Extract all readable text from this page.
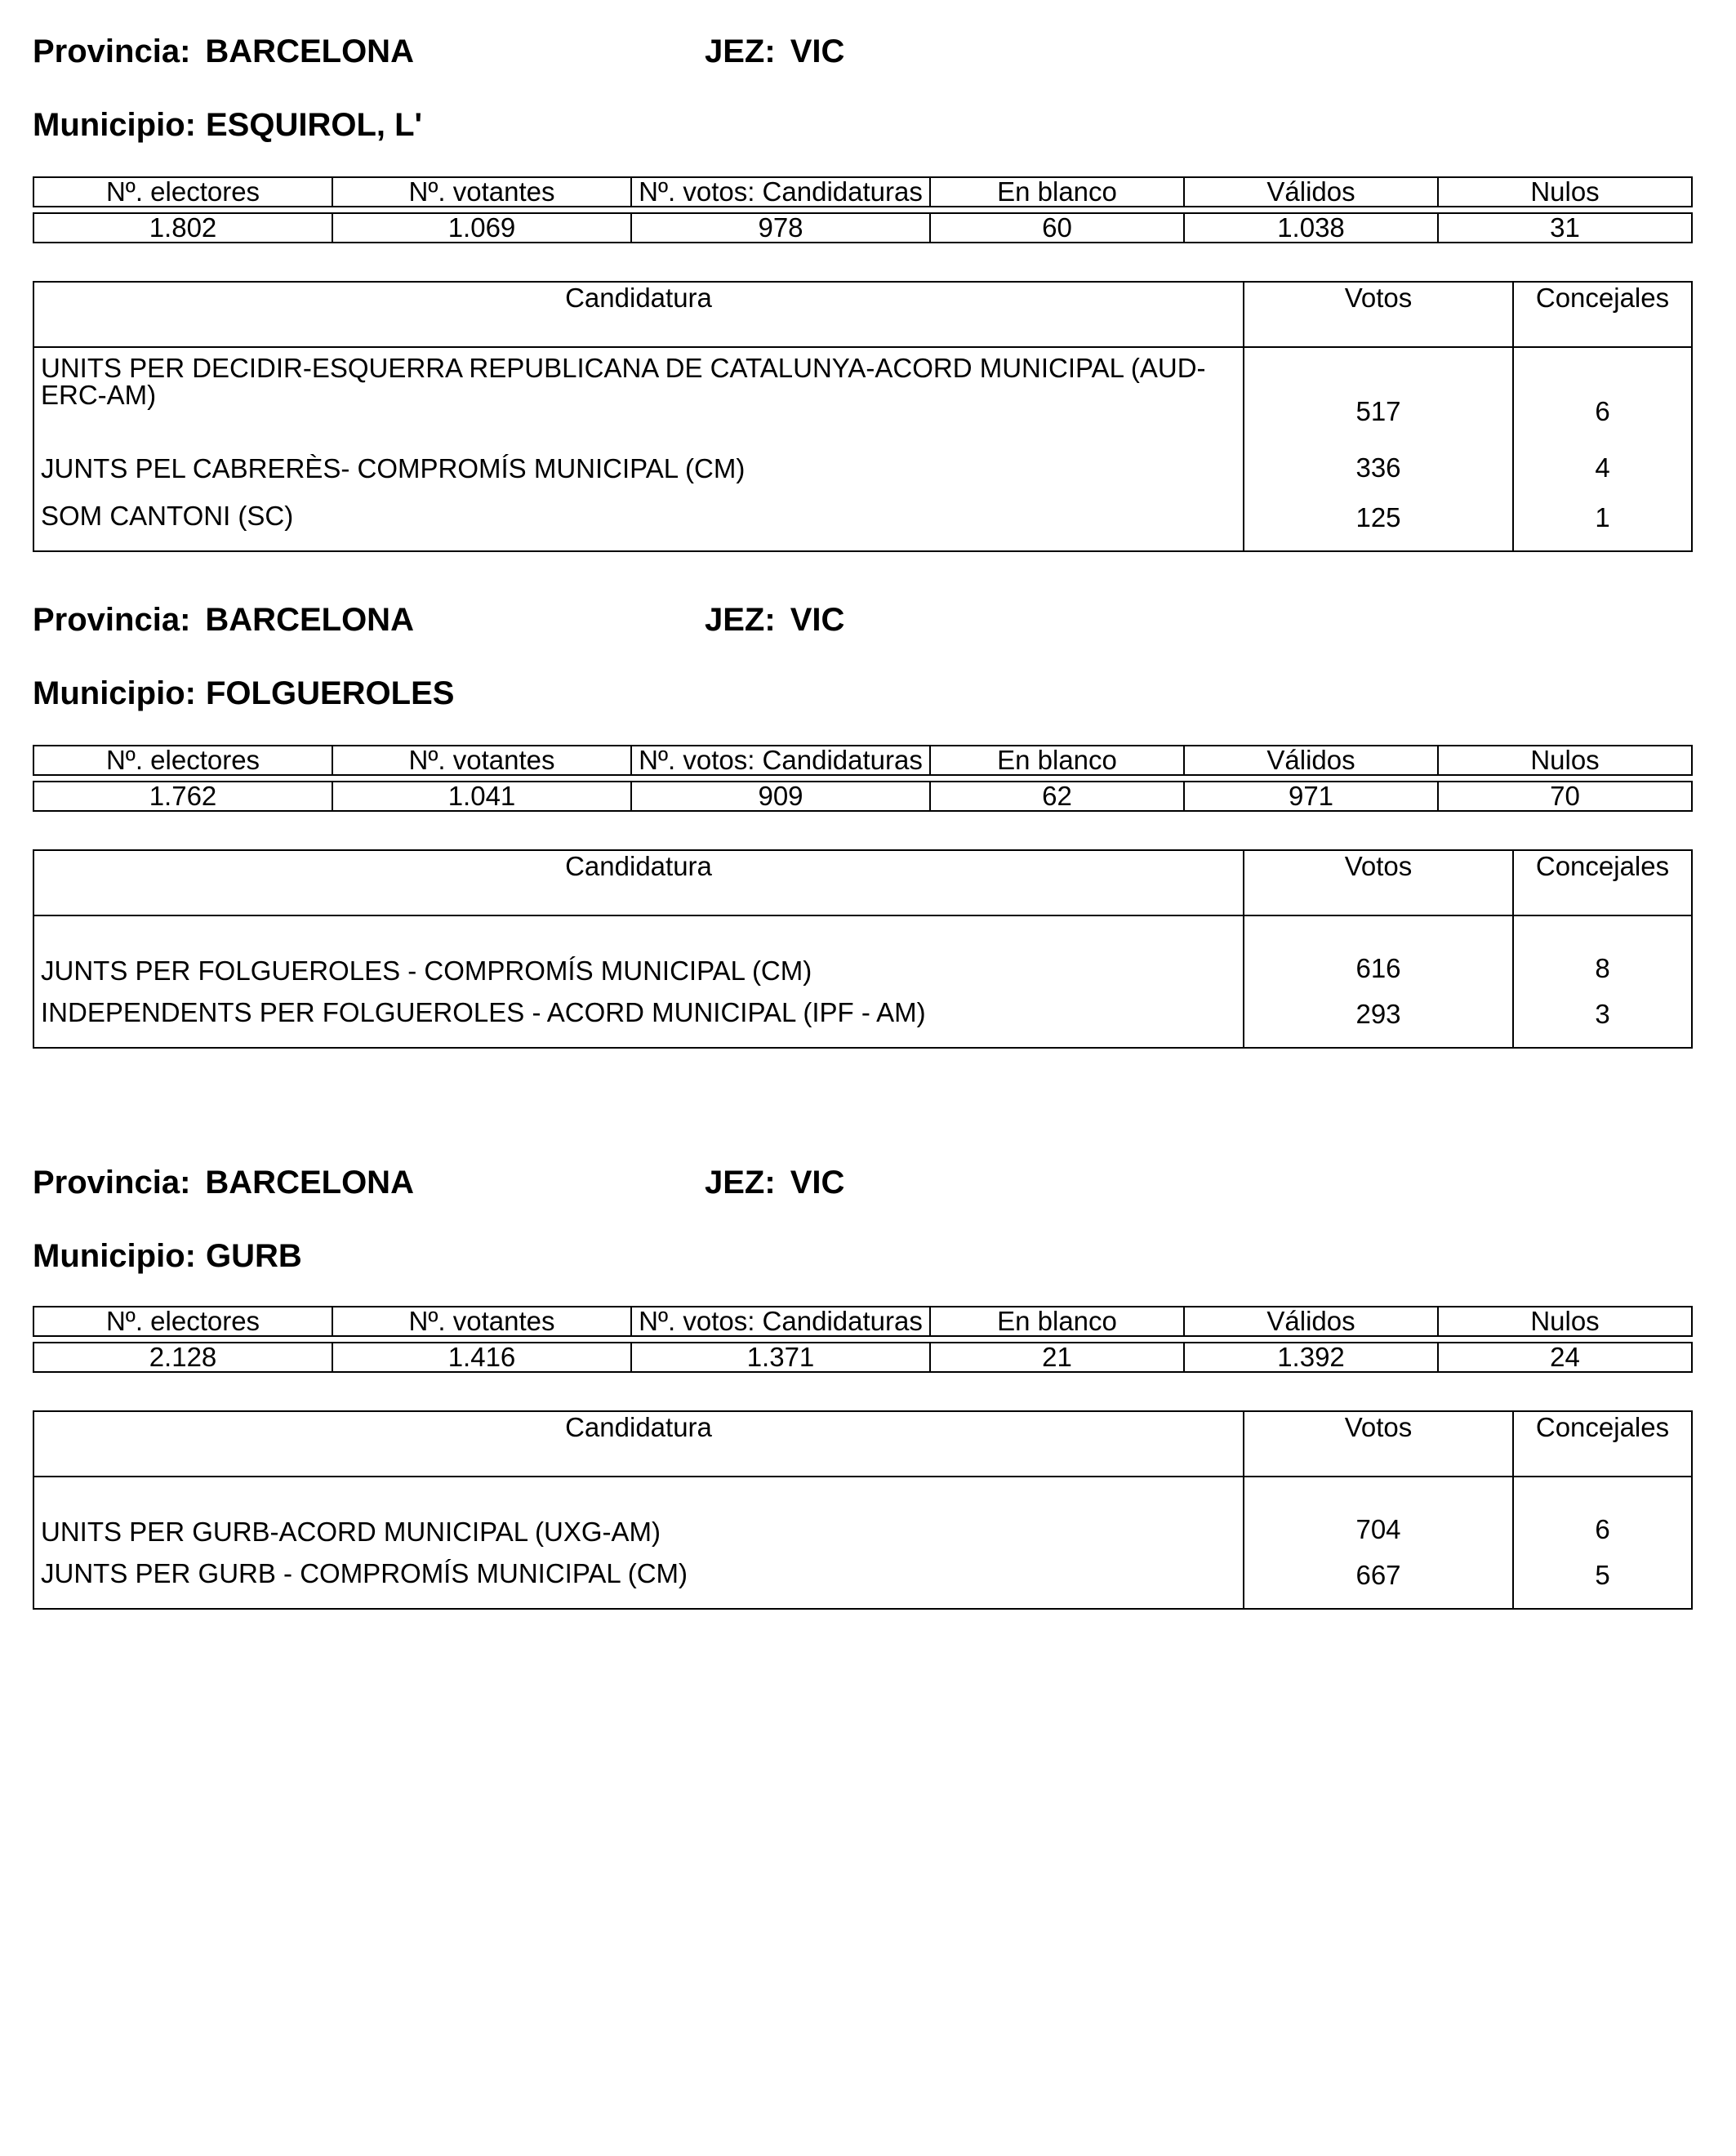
Provincia: BARCELONA	JEZ: VIC
Municipio: ESQUIROL, L'
Nº. electores	Nº. votantes	Nº. votos: Candidaturas	En blanco	Válidos	Nulos

1.802	1.069	978	60	1.038	31
Candidatura	Votos	Concejales

UNITS PER DECIDIR-ESQUERRA REPUBLICANA DE CATALUNYA-ACORD MUNICIPAL (AUD-
ERC-AM)	517	6
JUNTS PEL CABRERÈS- COMPROMÍS MUNICIPAL (CM)	336	4
SOM CANTONI (SC)	125	1
Provincia: BARCELONA	JEZ: VIC
Municipio: FOLGUEROLES
Nº. electores	Nº. votantes	Nº. votos: Candidaturas	En blanco	Válidos	Nulos

1.762	1.041	909	62	971	70
Candidatura	Votos	Concejales
JUNTS PER FOLGUEROLES - COMPROMÍS MUNICIPAL (CM)	616	8
INDEPENDENTS PER FOLGUEROLES - ACORD MUNICIPAL (IPF - AM)	293	3
Provincia: BARCELONA	JEZ: VIC
Municipio: GURB
Nº. electores	Nº. votantes	Nº. votos: Candidaturas	En blanco	Válidos	Nulos

2.128	1.416	1.371	21	1.392	24
Candidatura	Votos	Concejales
UNITS PER GURB-ACORD MUNICIPAL (UXG-AM)	704	6
JUNTS PER GURB - COMPROMÍS MUNICIPAL (CM)	667	5
